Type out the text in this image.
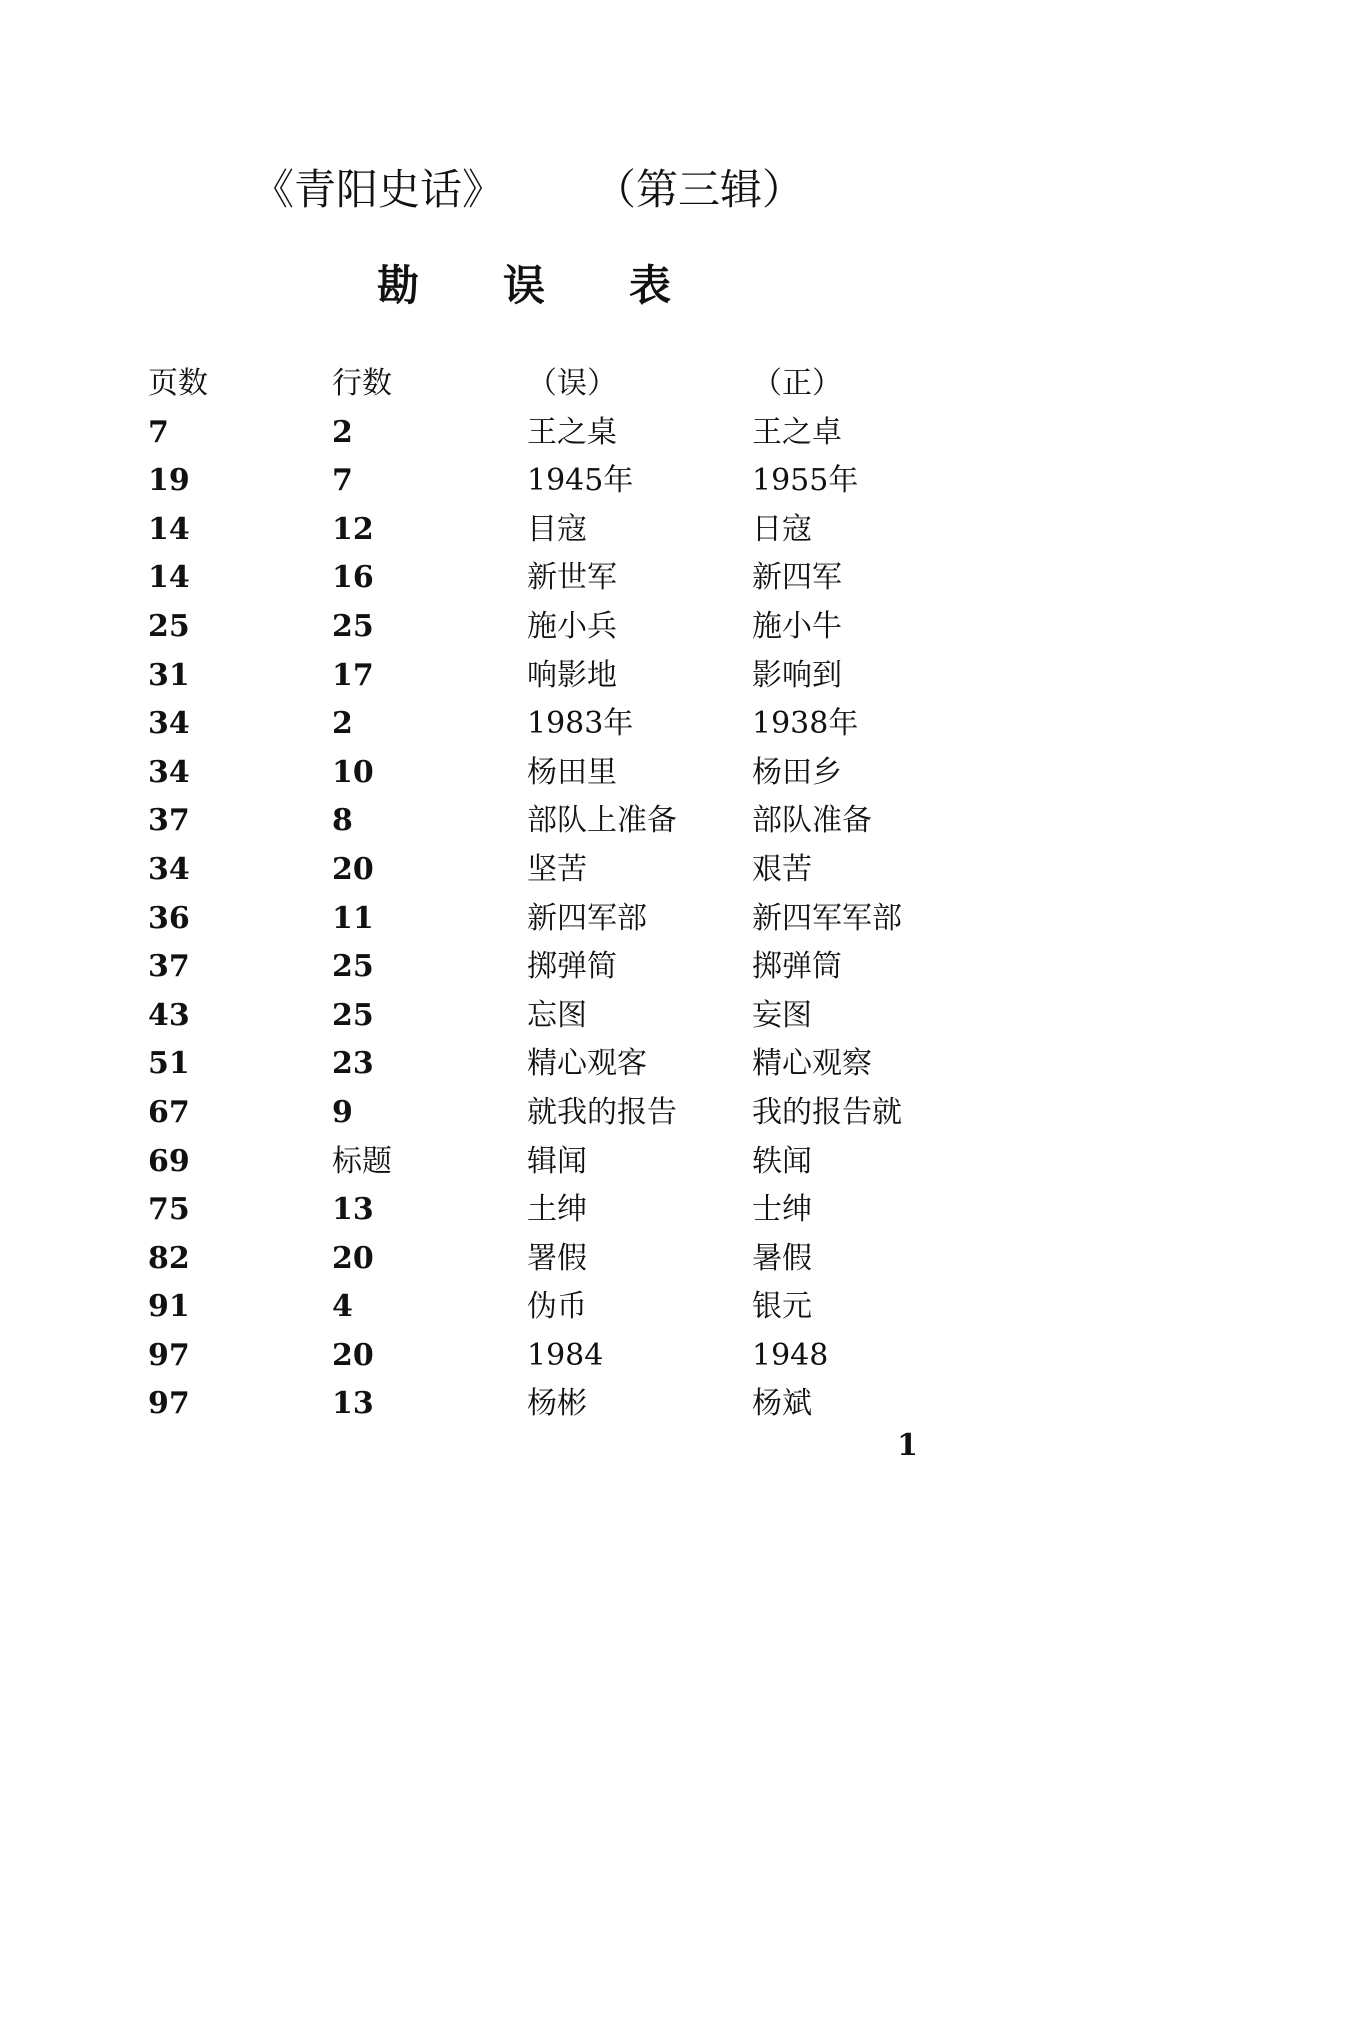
《青阳史话》 （第三辑）
勘误表
页数	行数	（误）	（正）
7	2	王之桌	王之卓
19	7	1945年	1955年
14	12	目寇	日寇
14	16	新世军	新四军
25	25	施小兵	施小牛
31	17	响影地	影响到
34	2	1983年	1938年
34	10	杨田里	杨田乡
37	8	部队上准备	部队准备
34	20	坚苦	艰苦
36	11	新四军部	新四军军部
37	25	掷弹简	掷弹筒
43	25	忘图	妄图
51	23	精心观客	精心观察
67	9	就我的报告	我的报告就
69	标题	辑闻	轶闻
75	13	土绅	士绅
82	20	署假	暑假
91	4	伪币	银元
97	20	1984	1948
97	13	杨彬	杨斌
1
